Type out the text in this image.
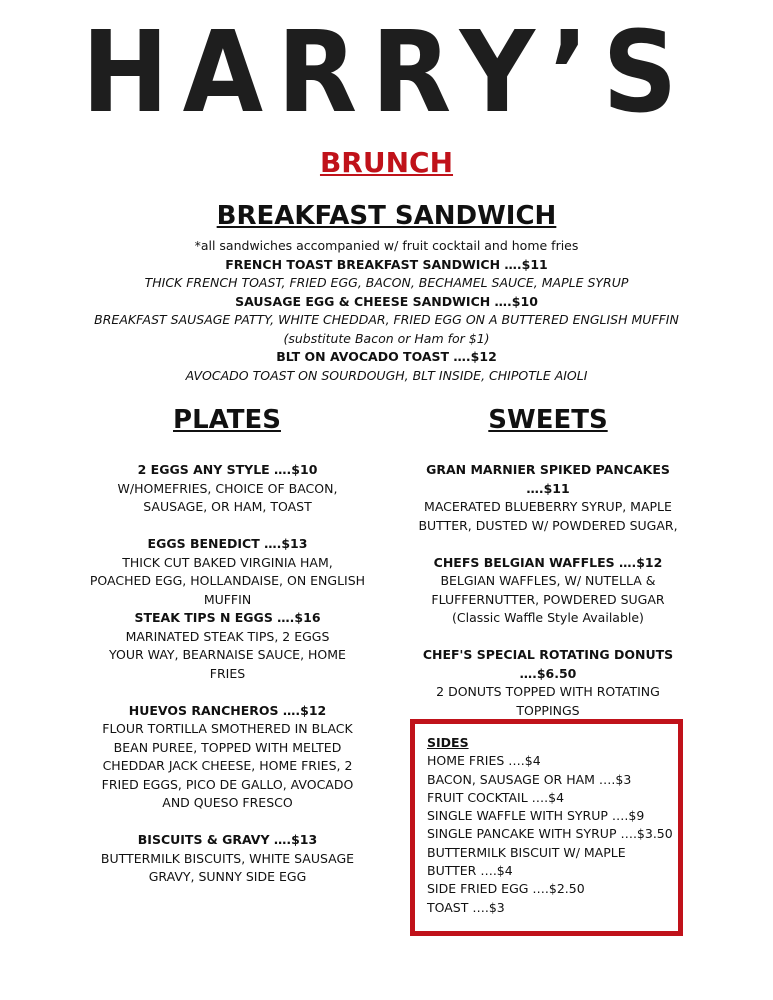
HARRY’S
BRUNCH
BREAKFAST SANDWICH
*all sandwiches accompanied w/ fruit cocktail and home fries
FRENCH TOAST BREAKFAST SANDWICH ….$11
THICK FRENCH TOAST, FRIED EGG, BACON, BECHAMEL SAUCE, MAPLE SYRUP
SAUSAGE EGG & CHEESE SANDWICH ….$10
BREAKFAST SAUSAGE PATTY, WHITE CHEDDAR, FRIED EGG ON A BUTTERED ENGLISH MUFFIN
(substitute Bacon or Ham for $1)
BLT ON AVOCADO TOAST ….$12
AVOCADO TOAST ON SOURDOUGH, BLT INSIDE, CHIPOTLE AIOLI
PLATES	SWEETS
2 EGGS ANY STYLE ….$10
W/HOMEFRIES, CHOICE OF BACON,
SAUSAGE, OR HAM, TOAST
EGGS BENEDICT ….$13
THICK CUT BAKED VIRGINIA HAM,
POACHED EGG, HOLLANDAISE, ON ENGLISH
MUFFIN
STEAK TIPS N EGGS ….$16
MARINATED STEAK TIPS, 2 EGGS
YOUR WAY, BEARNAISE SAUCE, HOME
FRIES
HUEVOS RANCHEROS ….$12
FLOUR TORTILLA SMOTHERED IN BLACK
BEAN PUREE, TOPPED WITH MELTED
CHEDDAR JACK CHEESE, HOME FRIES, 2
FRIED EGGS, PICO DE GALLO, AVOCADO
AND QUESO FRESCO
BISCUITS & GRAVY ….$13
BUTTERMILK BISCUITS, WHITE SAUSAGE
GRAVY, SUNNY SIDE EGG
GRAN MARNIER SPIKED PANCAKES ….$11
MACERATED BLUEBERRY SYRUP, MAPLE
BUTTER, DUSTED W/ POWDERED SUGAR,
CHEFS BELGIAN WAFFLES ….$12
BELGIAN WAFFLES, W/ NUTELLA &
FLUFFERNUTTER, POWDERED SUGAR
(Classic Waffle Style Available)
CHEF'S SPECIAL ROTATING DONUTS
….$6.50
2 DONUTS TOPPED WITH ROTATING
TOPPINGS
SIDES
HOME FRIES ….$4
BACON, SAUSAGE OR HAM ….$3
FRUIT COCKTAIL ….$4
SINGLE WAFFLE WITH SYRUP ….$9
SINGLE PANCAKE WITH SYRUP ….$3.50
BUTTERMILK BISCUIT W/ MAPLE
BUTTER ….$4
SIDE FRIED EGG ….$2.50
TOAST ….$3
